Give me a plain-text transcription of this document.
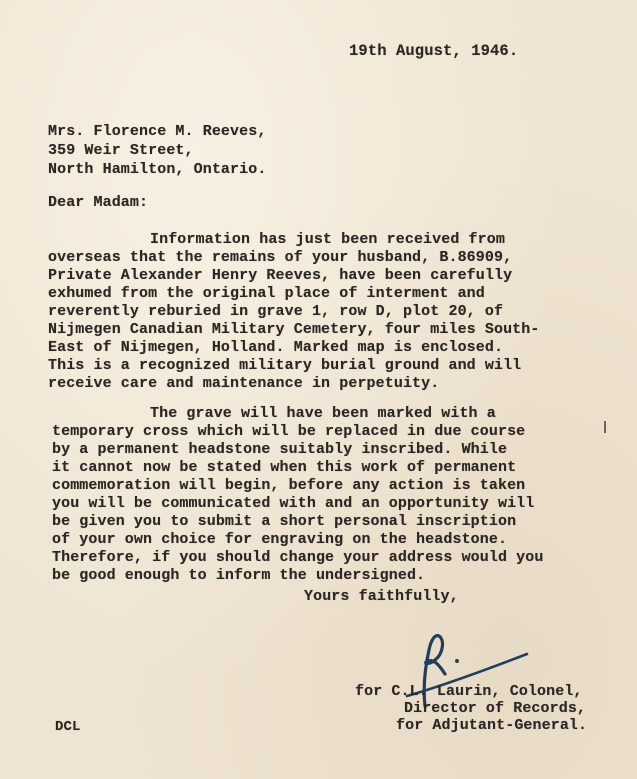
19th August, 1946.

Mrs. Florence M. Reeves,

359 Weir Street,

North Hamilton, Ontario.

Dear Madam:

Information has just been received from

overseas that the remains of your husband, B.86909,

Private Alexander Henry Reeves, have been carefully

exhumed from the original place of interment and

reverently reburied in grave 1, row D, plot 20, of

Nijmegen Canadian Military Cemetery, four miles South-

East of Nijmegen, Holland. Marked map is enclosed.

This is a recognized military burial ground and will

receive care and maintenance in perpetuity.

The grave will have been marked with a

temporary cross which will be replaced in due course

by a permanent headstone suitably inscribed. While

it cannot now be stated when this work of permanent

commemoration will begin, before any action is taken

you will be communicated with and an opportunity will

be given you to submit a short personal inscription

of your own choice for engraving on the headstone.

Therefore, if you should change your address would you

be good enough to inform the undersigned.

Yours faithfully,

for C.L. Laurin, Colonel,

Director of Records,

for Adjutant-General.

DCL
